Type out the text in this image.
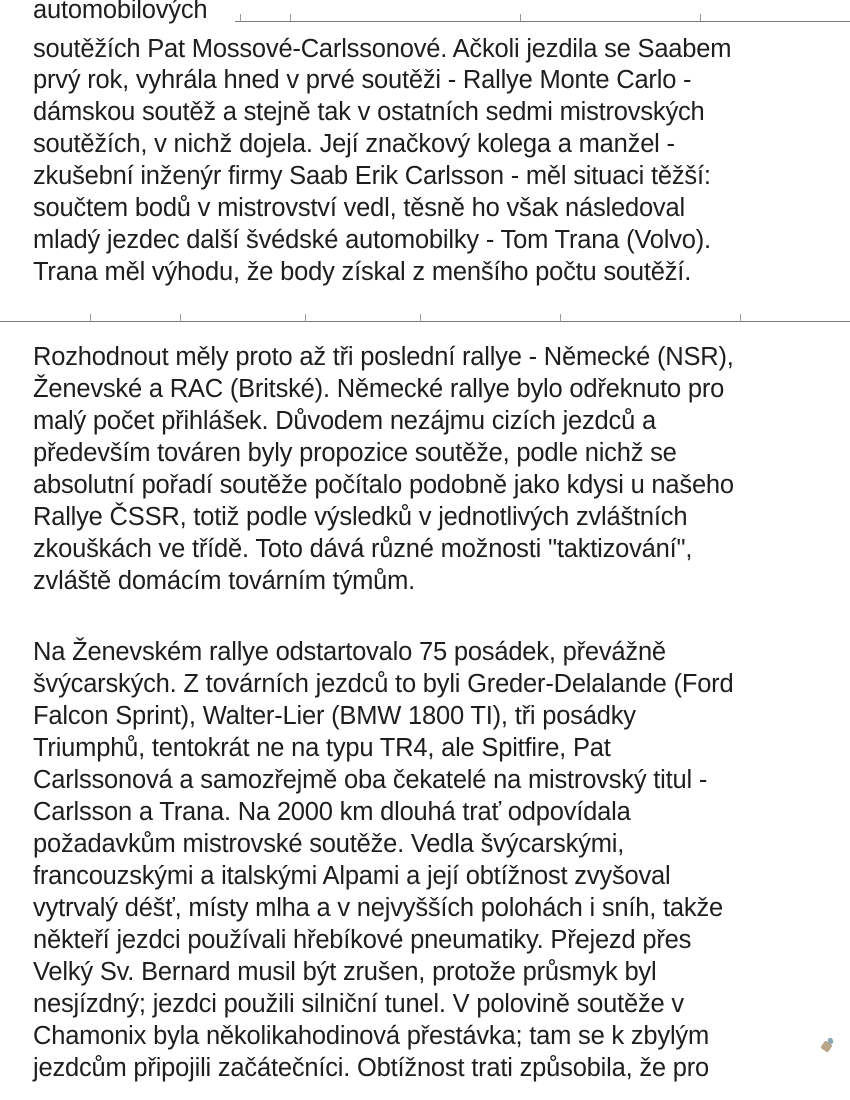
automobilových
soutěžích Pat Mossové-Carlssonové. Ačkoli jezdila se Saabem
prvý rok, vyhrála hned v prvé soutěži - Rallye Monte Carlo -
dámskou soutěž a stejně tak v ostatních sedmi mistrovských
soutěžích, v nichž dojela. Její značkový kolega a manžel -
zkušební inženýr firmy Saab Erik Carlsson - měl situaci těžší:
součtem bodů v mistrovství vedl, těsně ho však následoval
mladý jezdec další švédské automobilky - Tom Trana (Volvo).
Trana měl výhodu, že body získal z menšího počtu soutěží.
Rozhodnout měly proto až tři poslední rallye - Německé (NSR),
Ženevské a RAC (Britské). Německé rallye bylo odřeknuto pro
malý počet přihlášek. Důvodem nezájmu cizích jezdců a
především továren byly propozice soutěže, podle nichž se
absolutní pořadí soutěže počítalo podobně jako kdysi u našeho
Rallye ČSSR, totiž podle výsledků v jednotlivých zvláštních
zkouškách ve třídě. Toto dává různé možnosti "taktizování",
zvláště domácím továrním týmům.
Na Ženevském rallye odstartovalo 75 posádek, převážně
švýcarských. Z továrních jezdců to byli Greder-Delalande (Ford
Falcon Sprint), Walter-Lier (BMW 1800 TI), tři posádky
Triumphů, tentokrát ne na typu TR4, ale Spitfire, Pat
Carlssonová a samozřejmě oba čekatelé na mistrovský titul -
Carlsson a Trana. Na 2000 km dlouhá trať odpovídala
požadavkům mistrovské soutěže. Vedla švýcarskými,
francouzskými a italskými Alpami a její obtížnost zvyšoval
vytrvalý déšť, místy mlha a v nejvyšších polohách i sníh, takže
někteří jezdci používali hřebíkové pneumatiky. Přejezd přes
Velký Sv. Bernard musil být zrušen, protože průsmyk byl
nesjízdný; jezdci použili silniční tunel. V polovině soutěže v
Chamonix byla několikahodinová přestávka; tam se k zbylým
jezdcům připojili začátečníci. Obtížnost trati způsobila, že pro
